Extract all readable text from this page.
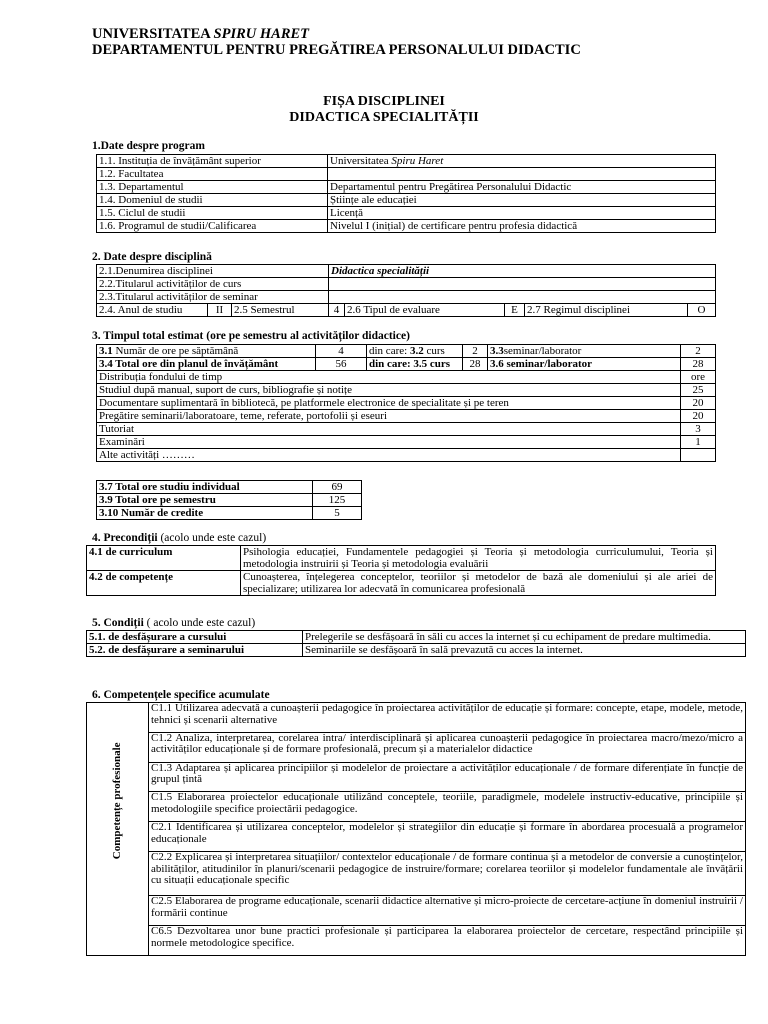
UNIVERSITATEA SPIRU HARET
DEPARTAMENTUL PENTRU PREGĂTIREA PERSONALULUI DIDACTIC
FIȘA DISCIPLINEI
DIDACTICA SPECIALITĂȚII
1.Date despre program
1.1. Instituția de învățământ superior	Universitatea Spiru Haret
1.2. Facultatea	
1.3. Departamentul	Departamentul pentru Pregătirea Personalului Didactic
1.4. Domeniul de studii	Științe ale educației
1.5. Ciclul de studii	Licență
1.6. Programul de studii/Calificarea	Nivelul I (inițial) de certificare pentru profesia didactică
2. Date despre disciplină
2.1.Denumirea disciplinei			Didactica specialității				
2.2.Titularul activităților de curs							
2.3.Titularul activităților de seminar							
2.4. Anul de studiu	II	2.5 Semestrul	4	2.6 Tipul de evaluare	E	2.7 Regimul disciplinei	O
3. Timpul total estimat (ore pe semestru al activităților didactice)
3.1 Număr de ore pe săptămână	4	din care: 3.2 curs	2	3.3seminar/laborator	2
3.4 Total ore din planul de învățământ	56	din care: 3.5 curs	28	3.6 seminar/laborator	28
Distribuția fondului de timp					ore
Studiul după manual, suport de curs, bibliografie și notițe					25
Documentare suplimentară în bibliotecă, pe platformele electronice de specialitate și pe teren					20
Pregătire seminarii/laboratoare, teme, referate, portofolii și eseuri					20
Tutoriat					3
Examinări					1
Alte activități ………					
3.7 Total ore studiu individual	69
3.9 Total ore pe semestru	125
3.10 Număr de credite	5
4. Precondiții (acolo unde este cazul)
4.1 de curriculum	Psihologia educației, Fundamentele pedagogiei și Teoria și metodologia curriculumului, Teoria și metodologia instruirii și Teoria și metodologia evaluării
4.2 de competențe	Cunoașterea, înțelegerea conceptelor, teoriilor și metodelor de bază ale domeniului și ale ariei de specializare; utilizarea lor adecvată în comunicarea profesională
5. Condiții ( acolo unde este cazul)
5.1. de desfășurare a cursului	Prelegerile se desfășoară în săli cu acces la internet și cu echipament de predare multimedia.
5.2. de desfășurare a seminarului	Seminariile se desfășoară în sală prevazută cu acces la internet.
6. Competențele specifice acumulate
Competențe profesionale
	C1.1 Utilizarea adecvată a cunoașterii pedagogice în proiectarea activităților de educație și formare: concepte, etape, modele, metode, tehnici și scenarii alternative
C1.2 Analiza, interpretarea, corelarea intra/ interdisciplinară și aplicarea cunoașterii pedagogice în proiectarea macro/mezo/micro a activităților educaționale și de formare profesională, precum și a materialelor didactice
C1.3 Adaptarea și aplicarea principiilor și modelelor de proiectare a activităților educaționale / de formare diferențiate în funcție de grupul țintă
C1.5 Elaborarea proiectelor educaționale utilizând conceptele, teoriile, paradigmele, modelele instructiv-educative, principiile și metodologiile specifice proiectării pedagogice.
C2.1 Identificarea și utilizarea conceptelor, modelelor și strategiilor din educație și formare în abordarea procesuală a programelor educaționale
C2.2 Explicarea și interpretarea situațiilor/ contextelor educaționale / de formare continua și a metodelor de conversie a cunoștințelor, abilităților, atitudinilor în planuri/scenarii pedagogice de instruire/formare; corelarea teoriilor și modelelor fundamentale ale învățării cu situații educaționale specific
C2.5 Elaborarea de programe educaționale, scenarii didactice alternative și micro-proiecte de cercetare-acțiune în domeniul instruirii / formării continue
C6.5 Dezvoltarea unor bune practici profesionale și participarea la elaborarea proiectelor de cercetare, respectând principiile și normele metodologice specifice.
